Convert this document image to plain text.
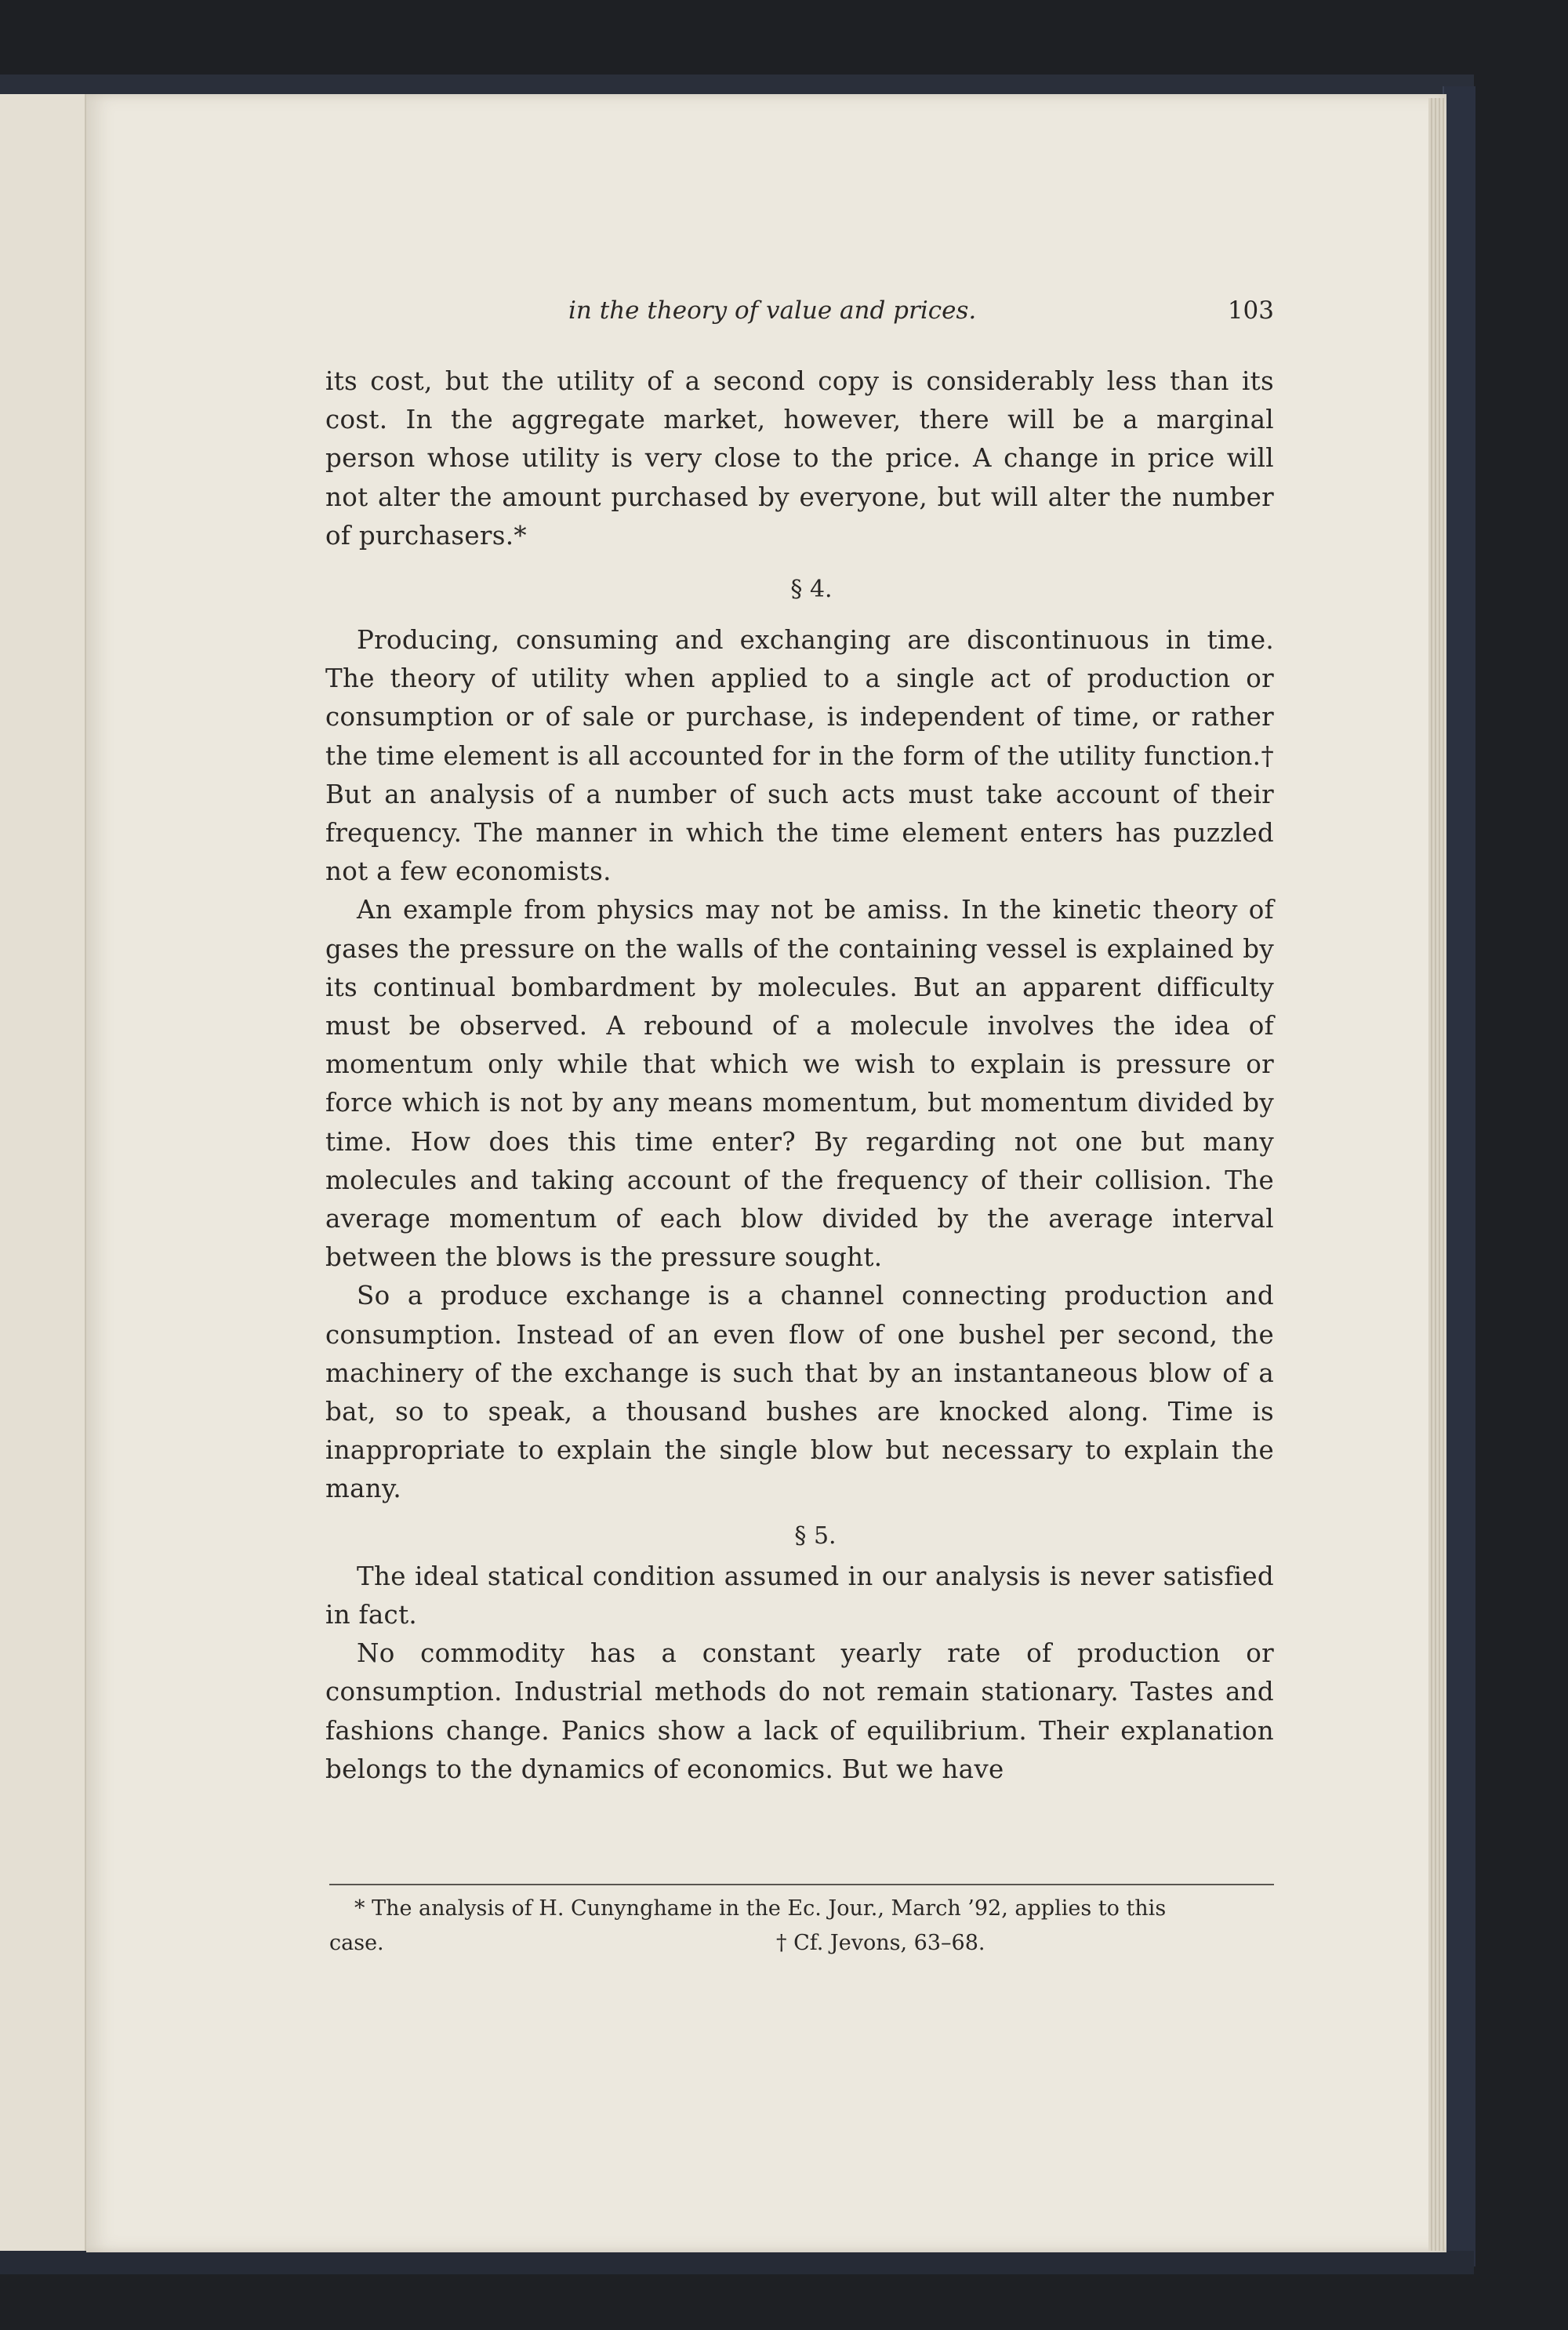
in the theory of value and prices.	103

its cost, but the utility of a second copy is considerably less than its cost. In the aggregate market, however, there will be a marginal person whose utility is very close to the price. A change in price will not alter the amount purchased by everyone, but will alter the number of purchasers.*

§ 4.

Producing, consuming and exchanging are discontinuous in time. The theory of utility when applied to a single act of production or consumption or of sale or purchase, is independent of time, or rather the time element is all accounted for in the form of the utility function.† But an analysis of a number of such acts must take account of their frequency. The manner in which the time element enters has puzzled not a few economists.

An example from physics may not be amiss. In the kinetic theory of gases the pressure on the walls of the containing vessel is explained by its continual bombardment by molecules. But an apparent difficulty must be observed. A rebound of a molecule involves the idea of momentum only while that which we wish to explain is pressure or force which is not by any means momentum, but momentum divided by time. How does this time enter? By regarding not one but many molecules and taking account of the frequency of their collision. The average momentum of each blow divided by the average interval between the blows is the pressure sought.

So a produce exchange is a channel connecting production and consumption. Instead of an even flow of one bushel per second, the machinery of the exchange is such that by an instantaneous blow of a bat, so to speak, a thousand bushes are knocked along. Time is inappropriate to explain the single blow but necessary to explain the many.

§ 5.

The ideal statical condition assumed in our analysis is never satisfied in fact.

No commodity has a constant yearly rate of production or consumption. Industrial methods do not remain stationary. Tastes and fashions change. Panics show a lack of equilibrium. Their explanation belongs to the dynamics of economics. But we have

* The analysis of H. Cunynghame in the Ec. Jour., March ’92, applies to this

case.	† Cf. Jevons, 63–68.
